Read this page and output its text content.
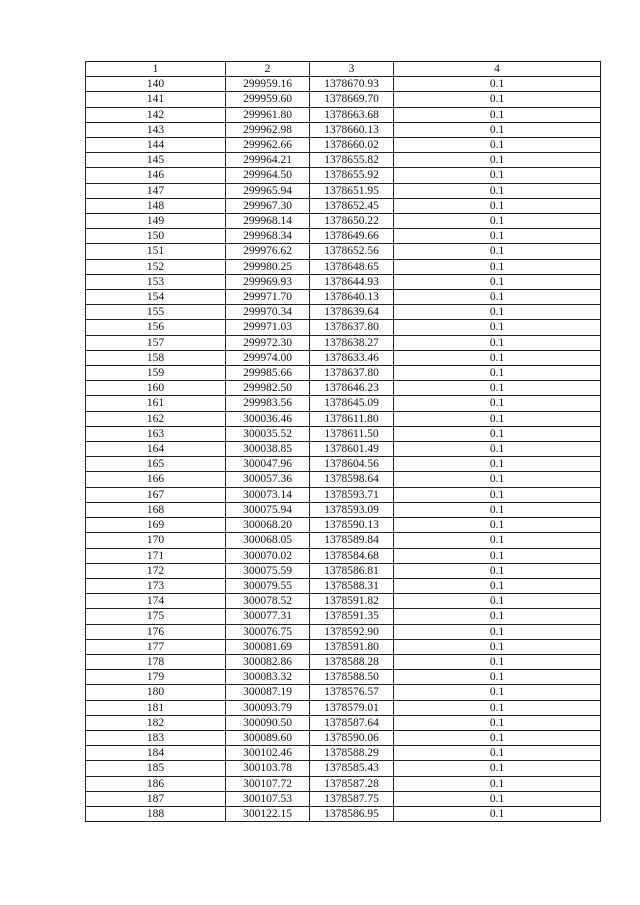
1	2	3	4
140	299959.16	1378670.93	0.1
141	299959.60	1378669.70	0.1
142	299961.80	1378663.68	0.1
143	299962.98	1378660.13	0.1
144	299962.66	1378660.02	0.1
145	299964.21	1378655.82	0.1
146	299964.50	1378655.92	0.1
147	299965.94	1378651.95	0.1
148	299967.30	1378652.45	0.1
149	299968.14	1378650.22	0.1
150	299968.34	1378649.66	0.1
151	299976.62	1378652.56	0.1
152	299980.25	1378648.65	0.1
153	299969.93	1378644.93	0.1
154	299971.70	1378640.13	0.1
155	299970.34	1378639.64	0.1
156	299971.03	1378637.80	0.1
157	299972.30	1378638.27	0.1
158	299974.00	1378633.46	0.1
159	299985.66	1378637.80	0.1
160	299982.50	1378646.23	0.1
161	299983.56	1378645.09	0.1
162	300036.46	1378611.80	0.1
163	300035.52	1378611.50	0.1
164	300038.85	1378601.49	0.1
165	300047.96	1378604.56	0.1
166	300057.36	1378598.64	0.1
167	300073.14	1378593.71	0.1
168	300075.94	1378593.09	0.1
169	300068.20	1378590.13	0.1
170	300068.05	1378589.84	0.1
171	300070.02	1378584.68	0.1
172	300075.59	1378586.81	0.1
173	300079.55	1378588.31	0.1
174	300078.52	1378591.82	0.1
175	300077.31	1378591.35	0.1
176	300076.75	1378592.90	0.1
177	300081.69	1378591.80	0.1
178	300082.86	1378588.28	0.1
179	300083.32	1378588.50	0.1
180	300087.19	1378576.57	0.1
181	300093.79	1378579.01	0.1
182	300090.50	1378587.64	0.1
183	300089.60	1378590.06	0.1
184	300102.46	1378588.29	0.1
185	300103.78	1378585.43	0.1
186	300107.72	1378587.28	0.1
187	300107.53	1378587.75	0.1
188	300122.15	1378586.95	0.1
